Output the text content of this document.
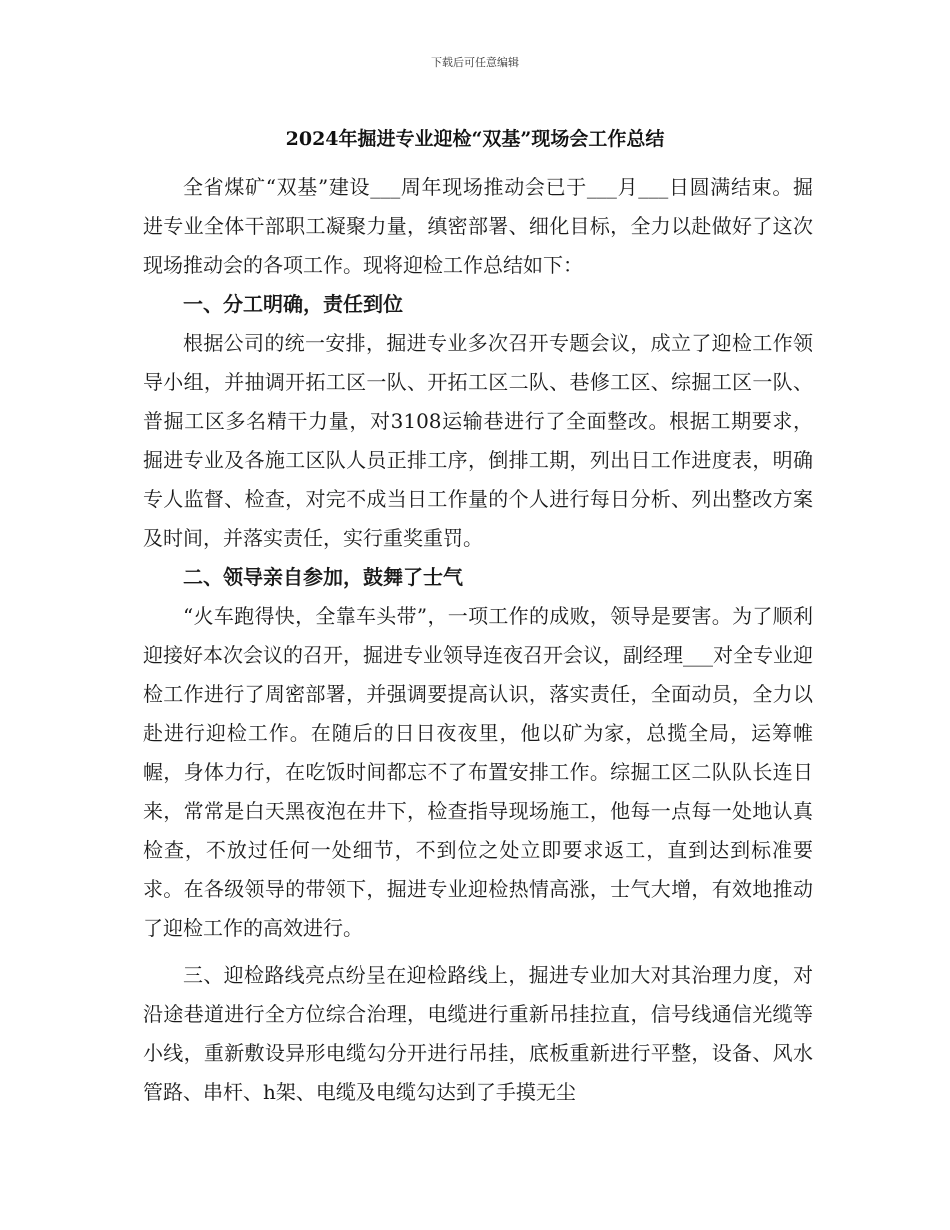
下载后可任意编辑
2024年掘进专业迎检“双基”现场会工作总结

全省煤矿“双基”建设___周年现场推动会已于___月___日圆满结束。掘进专业全体干部职工凝聚力量，缜密部署、细化目标，全力以赴做好了这次现场推动会的各项工作。现将迎检工作总结如下：

一、分工明确，责任到位

根据公司的统一安排，掘进专业多次召开专题会议，成立了迎检工作领导小组，并抽调开拓工区一队、开拓工区二队、巷修工区、综掘工区一队、普掘工区多名精干力量，对3108运输巷进行了全面整改。根据工期要求，掘进专业及各施工区队人员正排工序，倒排工期，列出日工作进度表，明确专人监督、检查，对完不成当日工作量的个人进行每日分析、列出整改方案及时间，并落实责任，实行重奖重罚。

二、领导亲自参加，鼓舞了士气

“火车跑得快，全靠车头带”，一项工作的成败，领导是要害。为了顺利迎接好本次会议的召开，掘进专业领导连夜召开会议，副经理___对全专业迎检工作进行了周密部署，并强调要提高认识，落实责任，全面动员，全力以赴进行迎检工作。在随后的日日夜夜里，他以矿为家，总揽全局，运筹帷幄，身体力行，在吃饭时间都忘不了布置安排工作。综掘工区二队队长连日来，常常是白天黑夜泡在井下，检查指导现场施工，他每一点每一处地认真检查，不放过任何一处细节，不到位之处立即要求返工，直到达到标准要求。在各级领导的带领下，掘进专业迎检热情高涨，士气大增，有效地推动了迎检工作的高效进行。

三、迎检路线亮点纷呈在迎检路线上，掘进专业加大对其治理力度，对沿途巷道进行全方位综合治理，电缆进行重新吊挂拉直，信号线通信光缆等小线，重新敷设异形电缆勾分开进行吊挂，底板重新进行平整，设备、风水管路、串杆、h架、电缆及电缆勾达到了手摸无尘
